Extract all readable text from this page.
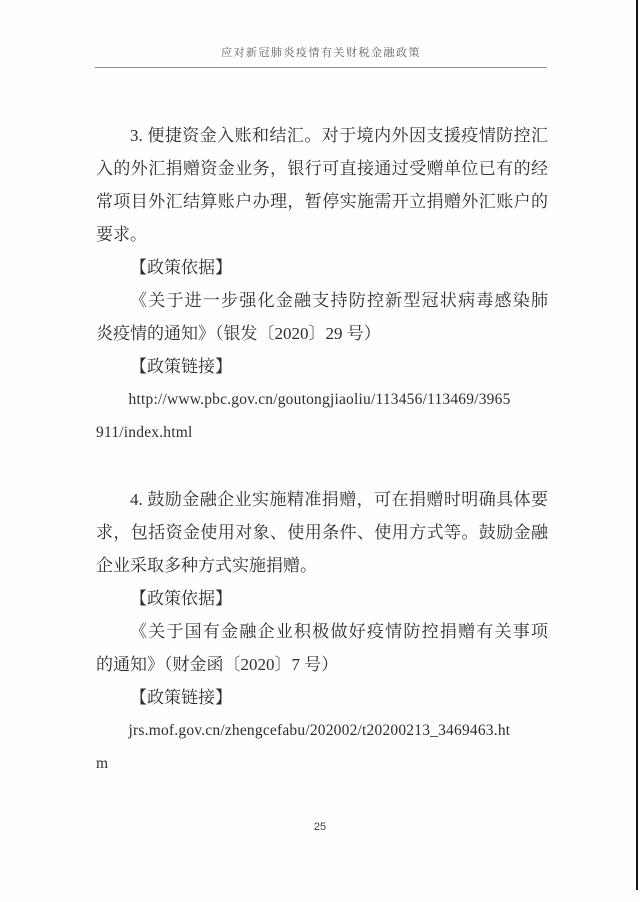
应对新冠肺炎疫情有关财税金融政策
3. 便捷资金入账和结汇。对于境内外因支援疫情防控汇
入的外汇捐赠资金业务，银行可直接通过受赠单位已有的经
常项目外汇结算账户办理，暂停实施需开立捐赠外汇账户的
要求。
【政策依据】
《关于进一步强化金融支持防控新型冠状病毒感染肺
炎疫情的通知》（银发〔2020〕29 号）
【政策链接】
http://www.pbc.gov.cn/goutongjiaoliu/113456/113469/3965
911/index.html
4. 鼓励金融企业实施精准捐赠，可在捐赠时明确具体要
求，包括资金使用对象、使用条件、使用方式等。鼓励金融
企业采取多种方式实施捐赠。
【政策依据】
《关于国有金融企业积极做好疫情防控捐赠有关事项
的通知》（财金函〔2020〕7 号）
【政策链接】
jrs.mof.gov.cn/zhengcefabu/202002/t20200213_3469463.ht
m
25
